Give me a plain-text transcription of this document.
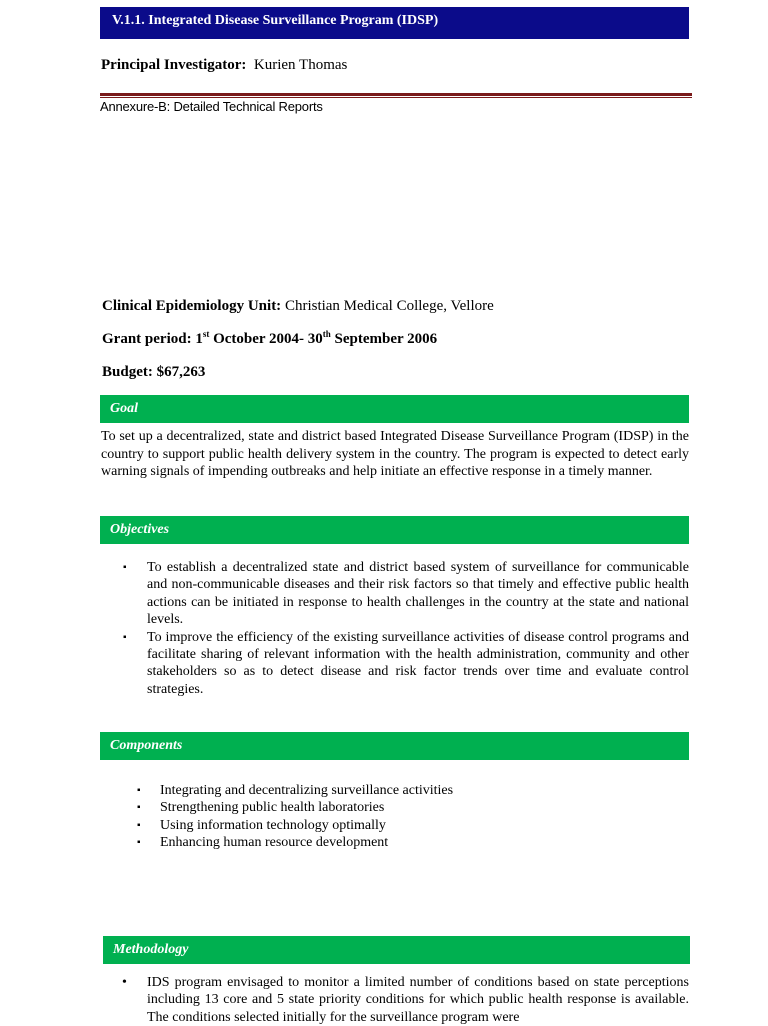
V.1.1. Integrated Disease Surveillance Program (IDSP)
Principal Investigator: Kurien Thomas
Annexure-B: Detailed Technical Reports
Clinical Epidemiology Unit: Christian Medical College, Vellore
Grant period: 1st October 2004- 30th September 2006
Budget: $67,263
Goal

To set up a decentralized, state and district based Integrated Disease Surveillance Program (IDSP) in the country to support public health delivery system in the country. The program is expected to detect early warning signals of impending outbreaks and help initiate an effective response in a timely manner.

Objectives
▪ To establish a decentralized state and district based system of surveillance for communicable and non-communicable diseases and their risk factors so that timely and effective public health actions can be initiated in response to health challenges in the country at the state and national levels.
▪ To improve the efficiency of the existing surveillance activities of disease control programs and facilitate sharing of relevant information with the health administration, community and other stakeholders so as to detect disease and risk factor trends over time and evaluate control strategies.
Components
▪ Integrating and decentralizing surveillance activities
▪ Strengthening public health laboratories
▪ Using information technology optimally
▪ Enhancing human resource development
Methodology
• IDS program envisaged to monitor a limited number of conditions based on state perceptions including 13 core and 5 state priority conditions for which public health response is available. The conditions selected initially for the surveillance program were
